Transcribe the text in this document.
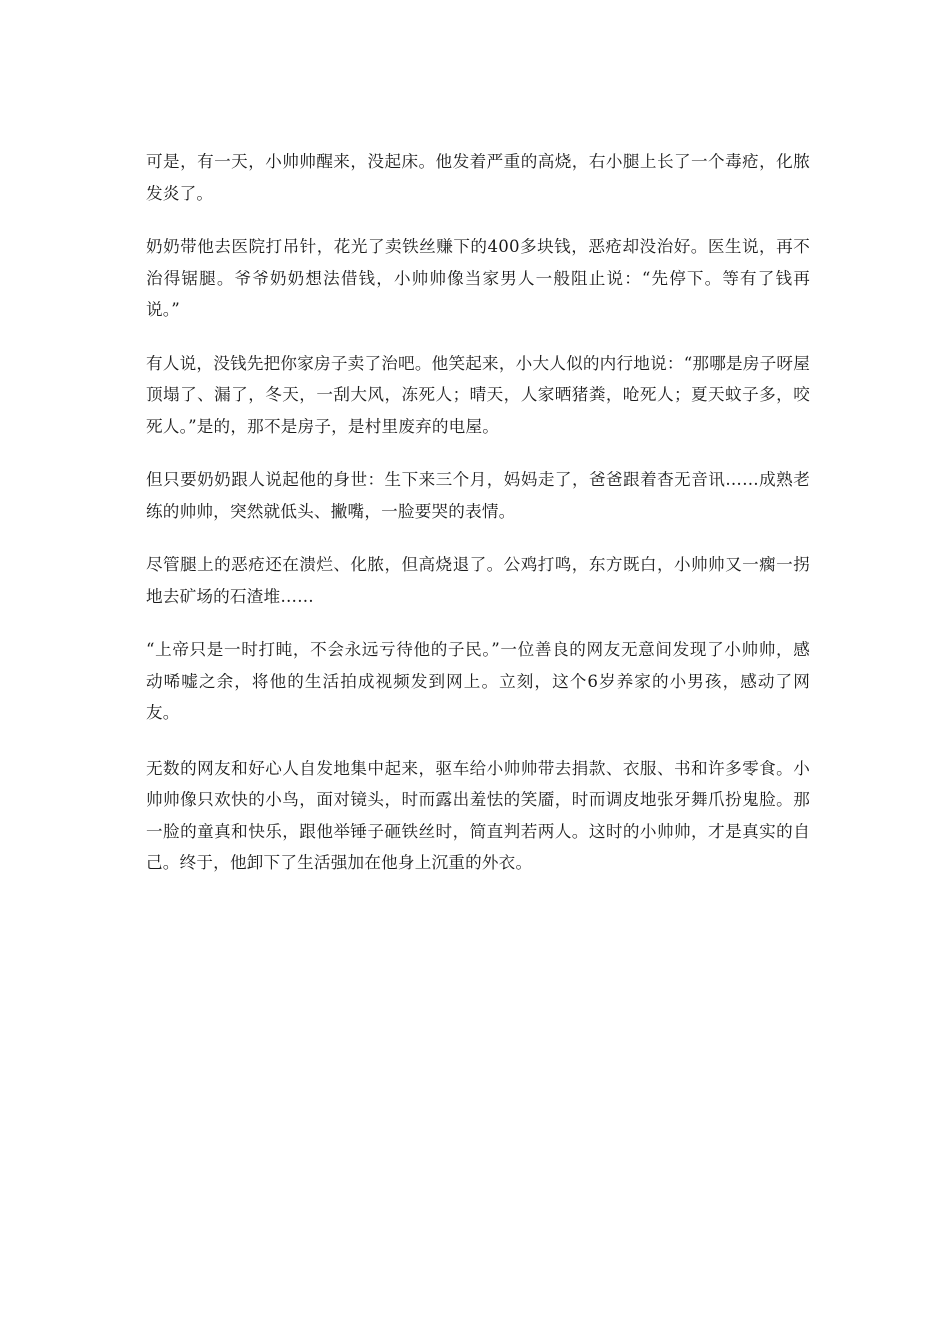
可是，有一天，小帅帅醒来，没起床。他发着严重的高烧，右小腿上长了一个毒疮，化脓发炎了。

奶奶带他去医院打吊针，花光了卖铁丝赚下的400多块钱，恶疮却没治好。医生说，再不治得锯腿。爷爷奶奶想法借钱，小帅帅像当家男人一般阻止说：“先停下。等有了钱再说。”

有人说，没钱先把你家房子卖了治吧。他笑起来，小大人似的内行地说：“那哪是房子呀屋顶塌了、漏了，冬天，一刮大风，冻死人；晴天，人家晒猪粪，呛死人；夏天蚊子多，咬死人。”是的，那不是房子，是村里废弃的电屋。

但只要奶奶跟人说起他的身世：生下来三个月，妈妈走了，爸爸跟着杳无音讯……成熟老练的帅帅，突然就低头、撇嘴，一脸要哭的表情。

尽管腿上的恶疮还在溃烂、化脓，但高烧退了。公鸡打鸣，东方既白，小帅帅又一瘸一拐地去矿场的石渣堆……

“上帝只是一时打盹，不会永远亏待他的子民。”一位善良的网友无意间发现了小帅帅，感动唏嘘之余，将他的生活拍成视频发到网上。立刻，这个6岁养家的小男孩，感动了网友。

无数的网友和好心人自发地集中起来，驱车给小帅帅带去捐款、衣服、书和许多零食。小帅帅像只欢快的小鸟，面对镜头，时而露出羞怯的笑靥，时而调皮地张牙舞爪扮鬼脸。那一脸的童真和快乐，跟他举锤子砸铁丝时，简直判若两人。这时的小帅帅，才是真实的自己。终于，他卸下了生活强加在他身上沉重的外衣。
